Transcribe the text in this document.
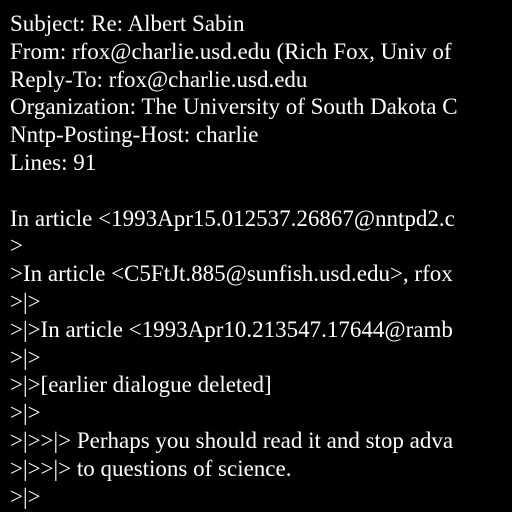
Subject: Re: Albert Sabin
From: rfox@charlie.usd.edu (Rich Fox, Univ of
Reply-To: rfox@charlie.usd.edu
Organization: The University of South Dakota C
Nntp-Posting-Host: charlie
Lines: 91
In article <1993Apr15.012537.26867@nntpd2.c
>
>In article <C5FtJt.885@sunfish.usd.edu>, rfox
>|>
>|>In article <1993Apr10.213547.17644@ramb
>|>
>|>[earlier dialogue deleted]
>|>
>|>>|> Perhaps you should read it and stop adva
>|>>|> to questions of science.
>|>
